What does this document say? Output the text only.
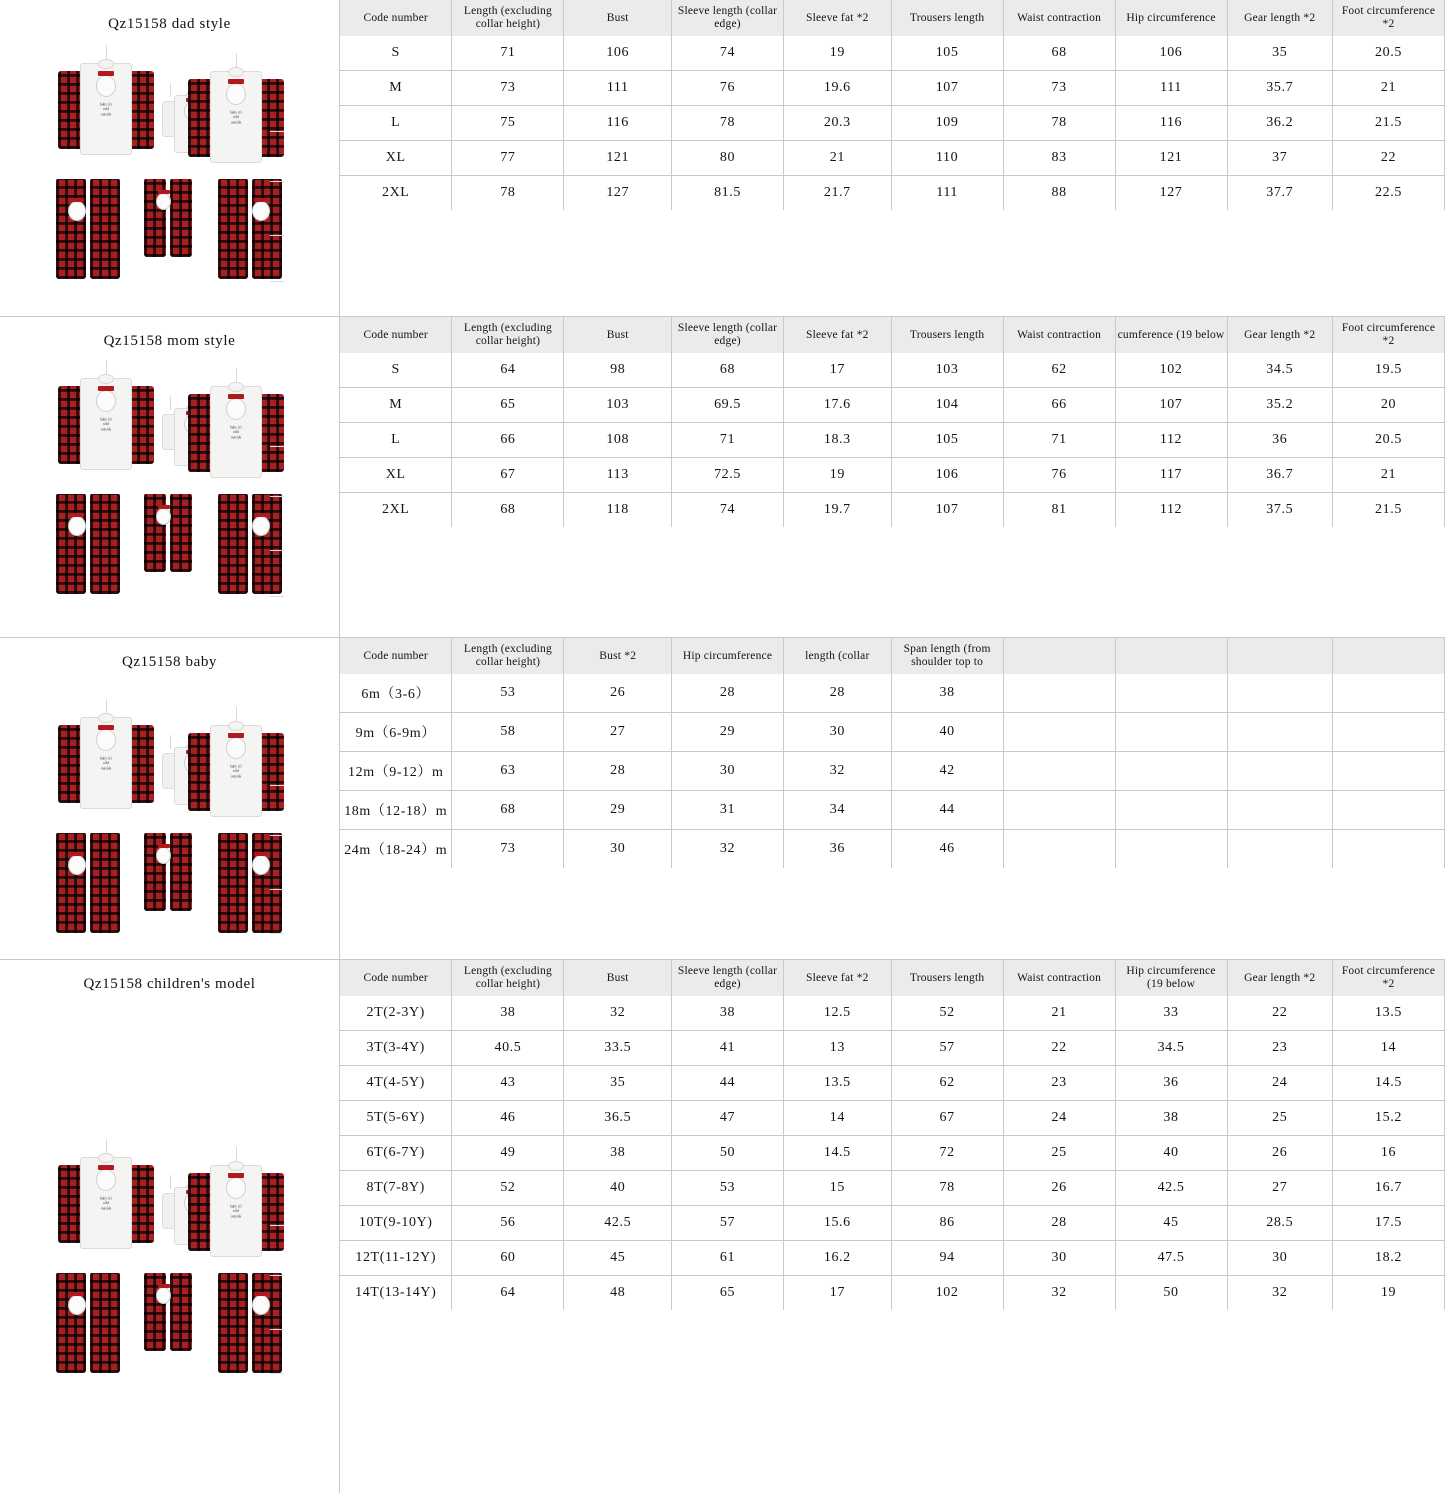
Qz15158 dad style
baby it's
cold
outside	baby it's
cold
outside
Code number	Length (excluding collar height)	Bust	Sleeve length (collar edge)	Sleeve fat *2	Trousers length	Waist contraction	Hip circumference	Gear length *2	Foot circumference *2
S	71	106	74	19	105	68	106	35	20.5
M	73	111	76	19.6	107	73	111	35.7	21
L	75	116	78	20.3	109	78	116	36.2	21.5
XL	77	121	80	21	110	83	121	37	22
2XL	78	127	81.5	21.7	111	88	127	37.7	22.5
Qz15158 mom style
baby it's
cold
outside	baby it's
cold
outside
Code number	Length (excluding collar height)	Bust	Sleeve length (collar edge)	Sleeve fat *2	Trousers length	Waist contraction	cumference (19 below	Gear length *2	Foot circumference *2
S	64	98	68	17	103	62	102	34.5	19.5
M	65	103	69.5	17.6	104	66	107	35.2	20
L	66	108	71	18.3	105	71	112	36	20.5
XL	67	113	72.5	19	106	76	117	36.7	21
2XL	68	118	74	19.7	107	81	112	37.5	21.5
Qz15158 baby
baby it's
cold
outside	baby it's
cold
outside
Code number	Length (excluding collar height)	Bust *2	Hip circumference	length (collar	Span length (from shoulder top to				
6m（3-6）	53	26	28	28	38				
9m（6-9m）	58	27	29	30	40				
12m（9-12）m	63	28	30	32	42				
18m（12-18）m	68	29	31	34	44				
24m（18-24）m	73	30	32	36	46				
Qz15158 children's model
baby it's
cold
outside	baby it's
cold
outside
Code number	Length (excluding collar height)	Bust	Sleeve length (collar edge)	Sleeve fat *2	Trousers length	Waist contraction	Hip circumference (19 below	Gear length *2	Foot circumference *2
2T(2-3Y)	38	32	38	12.5	52	21	33	22	13.5
3T(3-4Y)	40.5	33.5	41	13	57	22	34.5	23	14
4T(4-5Y)	43	35	44	13.5	62	23	36	24	14.5
5T(5-6Y)	46	36.5	47	14	67	24	38	25	15.2
6T(6-7Y)	49	38	50	14.5	72	25	40	26	16
8T(7-8Y)	52	40	53	15	78	26	42.5	27	16.7
10T(9-10Y)	56	42.5	57	15.6	86	28	45	28.5	17.5
12T(11-12Y)	60	45	61	16.2	94	30	47.5	30	18.2
14T(13-14Y)	64	48	65	17	102	32	50	32	19
